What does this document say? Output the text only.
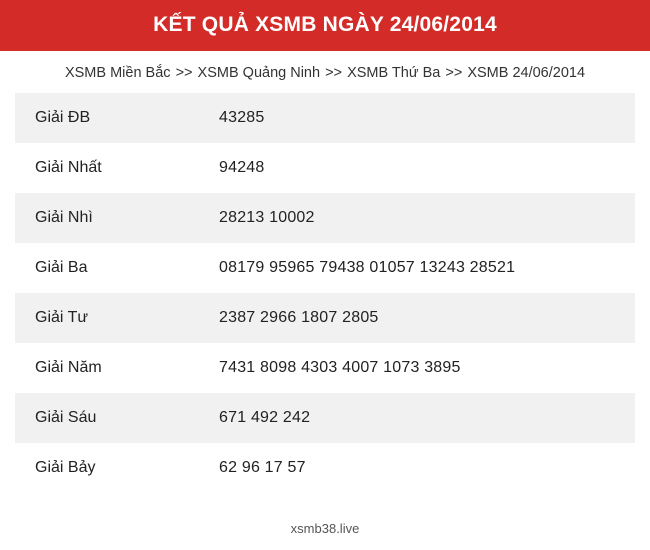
KẾT QUẢ XSMB NGÀY 24/06/2014
XSMB Miền Bắc >> XSMB Quảng Ninh >> XSMB Thứ Ba >> XSMB 24/06/2014
Giải ĐB	43285
Giải Nhất	94248
Giải Nhì	28213 10002
Giải Ba	08179 95965 79438 01057 13243 28521
Giải Tư	2387 2966 1807 2805
Giải Năm	7431 8098 4303 4007 1073 3895
Giải Sáu	671 492 242
Giải Bảy	62 96 17 57
xsmb38.live
